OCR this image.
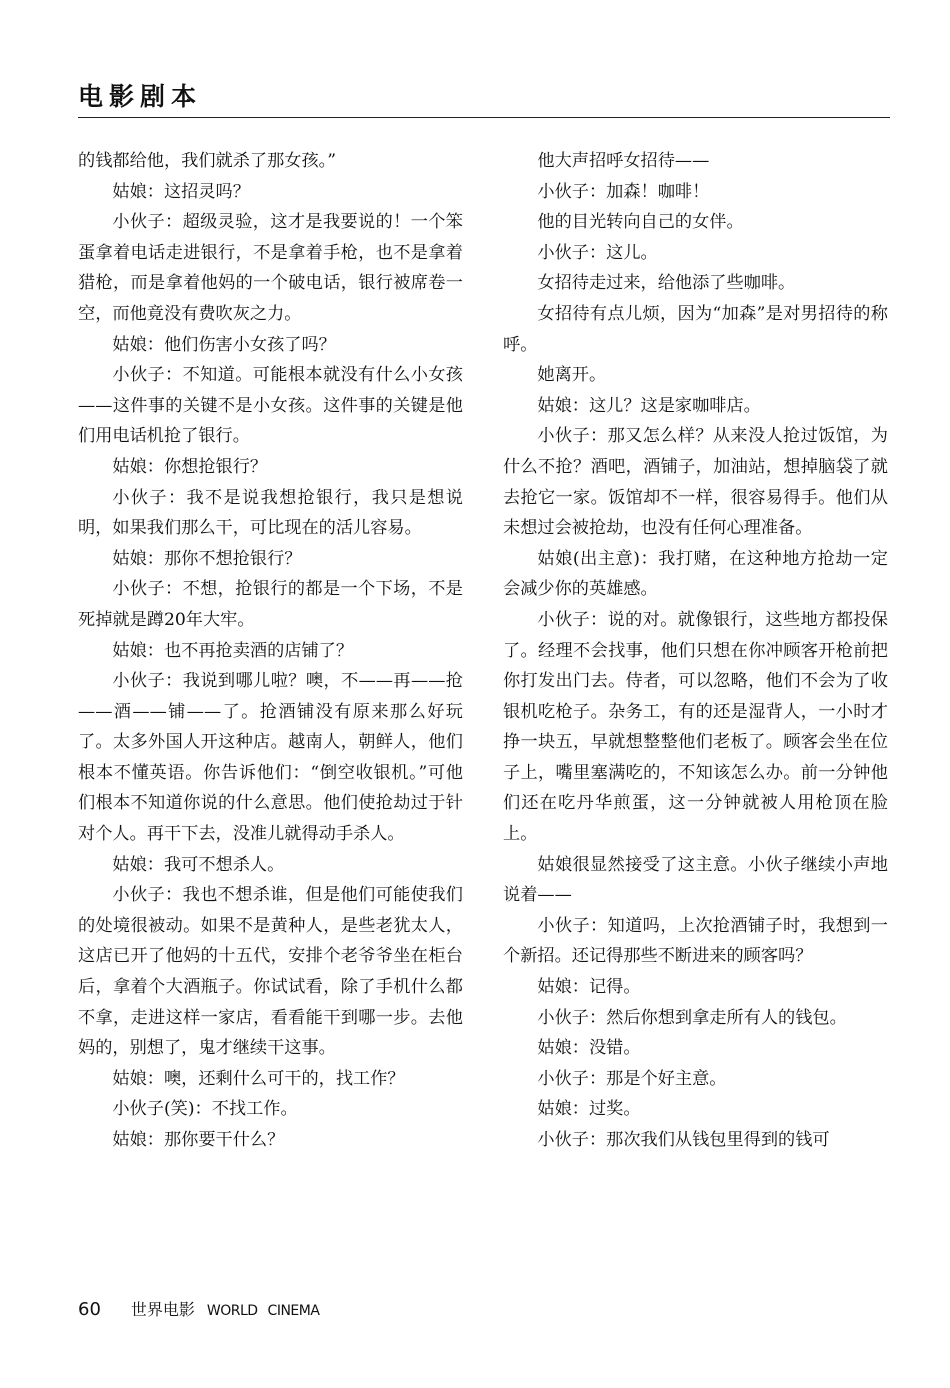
电影剧本

的钱都给他，我们就杀了那女孩。”

姑娘：这招灵吗？

小伙子：超级灵验，这才是我要说的！一个笨蛋拿着电话走进银行，不是拿着手枪，也不是拿着猎枪，而是拿着他妈的一个破电话，银行被席卷一空，而他竟没有费吹灰之力。

姑娘：他们伤害小女孩了吗？

小伙子：不知道。可能根本就没有什么小女孩——这件事的关键不是小女孩。这件事的关键是他们用电话机抢了银行。

姑娘：你想抢银行？

小伙子：我不是说我想抢银行，我只是想说明，如果我们那么干，可比现在的活儿容易。

姑娘：那你不想抢银行？

小伙子：不想，抢银行的都是一个下场，不是死掉就是蹲20年大牢。

姑娘：也不再抢卖酒的店铺了？

小伙子：我说到哪儿啦？噢，不——再——抢——酒——铺——了。抢酒铺没有原来那么好玩了。太多外国人开这种店。越南人，朝鲜人，他们根本不懂英语。你告诉他们：“倒空收银机。”可他们根本不知道你说的什么意思。他们使抢劫过于针对个人。再干下去，没准儿就得动手杀人。

姑娘：我可不想杀人。

小伙子：我也不想杀谁，但是他们可能使我们的处境很被动。如果不是黄种人，是些老犹太人，这店已开了他妈的十五代，安排个老爷爷坐在柜台后，拿着个大酒瓶子。你试试看，除了手机什么都不拿，走进这样一家店，看看能干到哪一步。去他妈的，别想了，鬼才继续干这事。

姑娘：噢，还剩什么可干的，找工作？

小伙子(笑)：不找工作。

姑娘：那你要干什么？

他大声招呼女招待——

小伙子：加森！咖啡！

他的目光转向自己的女伴。

小伙子：这儿。

女招待走过来，给他添了些咖啡。

女招待有点儿烦，因为“加森”是对男招待的称呼。

她离开。

姑娘：这儿？这是家咖啡店。

小伙子：那又怎么样？从来没人抢过饭馆，为什么不抢？酒吧，酒铺子，加油站，想掉脑袋了就去抢它一家。饭馆却不一样，很容易得手。他们从未想过会被抢劫，也没有任何心理准备。

姑娘(出主意)：我打赌，在这种地方抢劫一定会减少你的英雄感。

小伙子：说的对。就像银行，这些地方都投保了。经理不会找事，他们只想在你冲顾客开枪前把你打发出门去。侍者，可以忽略，他们不会为了收银机吃枪子。杂务工，有的还是湿背人，一小时才挣一块五，早就想整整他们老板了。顾客会坐在位子上，嘴里塞满吃的，不知该怎么办。前一分钟他们还在吃丹华煎蛋，这一分钟就被人用枪顶在脸上。

姑娘很显然接受了这主意。小伙子继续小声地说着——

小伙子：知道吗，上次抢酒铺子时，我想到一个新招。还记得那些不断进来的顾客吗？

姑娘：记得。

小伙子：然后你想到拿走所有人的钱包。

姑娘：没错。

小伙子：那是个好主意。

姑娘：过奖。

小伙子：那次我们从钱包里得到的钱可

60 世界电影 WORLD CINEMA
